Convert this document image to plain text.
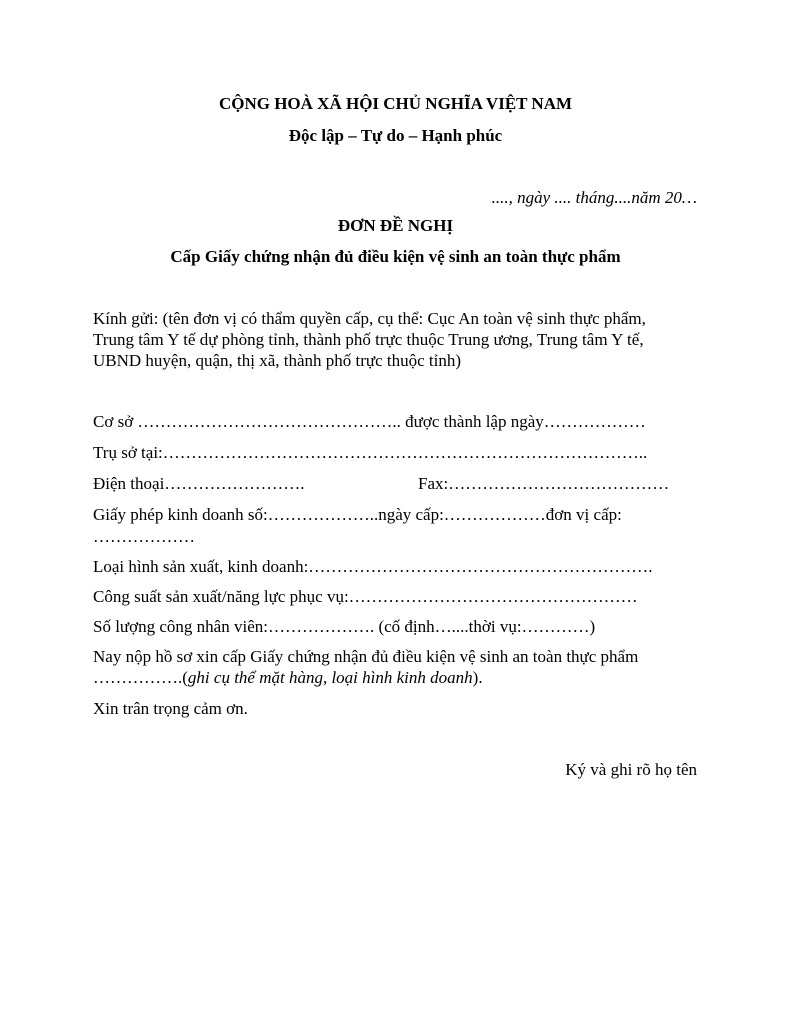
CỘNG HOÀ XÃ HỘI CHỦ NGHĨA VIỆT NAM
Độc lập – Tự do – Hạnh phúc
...., ngày .... tháng....năm 20…
ĐƠN ĐỀ NGHỊ
Cấp Giấy chứng nhận đủ điều kiện vệ sinh an toàn thực phẩm
Kính gửi: (tên đơn vị có thẩm quyền cấp, cụ thể: Cục An toàn vệ sinh thực phẩm,
Trung tâm Y tế dự phòng tỉnh, thành phố trực thuộc Trung ương, Trung tâm Y tế,
UBND huyện, quận, thị xã, thành phố trực thuộc tỉnh)
Cơ sở ……………………………………….. được thành lập ngày………………
Trụ sở tại:…………………………………………………………………………..
Điện thoại…………………….	Fax:…………………………………
Giấy phép kinh doanh số:………………..ngày cấp:………………đơn vị cấp:
………………
Loại hình sản xuất, kinh doanh:…………………………………………………….
Công suất sản xuất/năng lực phục vụ:……………………………………………
Số lượng công nhân viên:………………. (cố định…....thời vụ:…………)
Nay nộp hồ sơ xin cấp Giấy chứng nhận đủ điều kiện vệ sinh an toàn thực phẩm
…………….(ghi cụ thể mặt hàng, loại hình kinh doanh).
Xin trân trọng cảm ơn.
Ký và ghi rõ họ tên
